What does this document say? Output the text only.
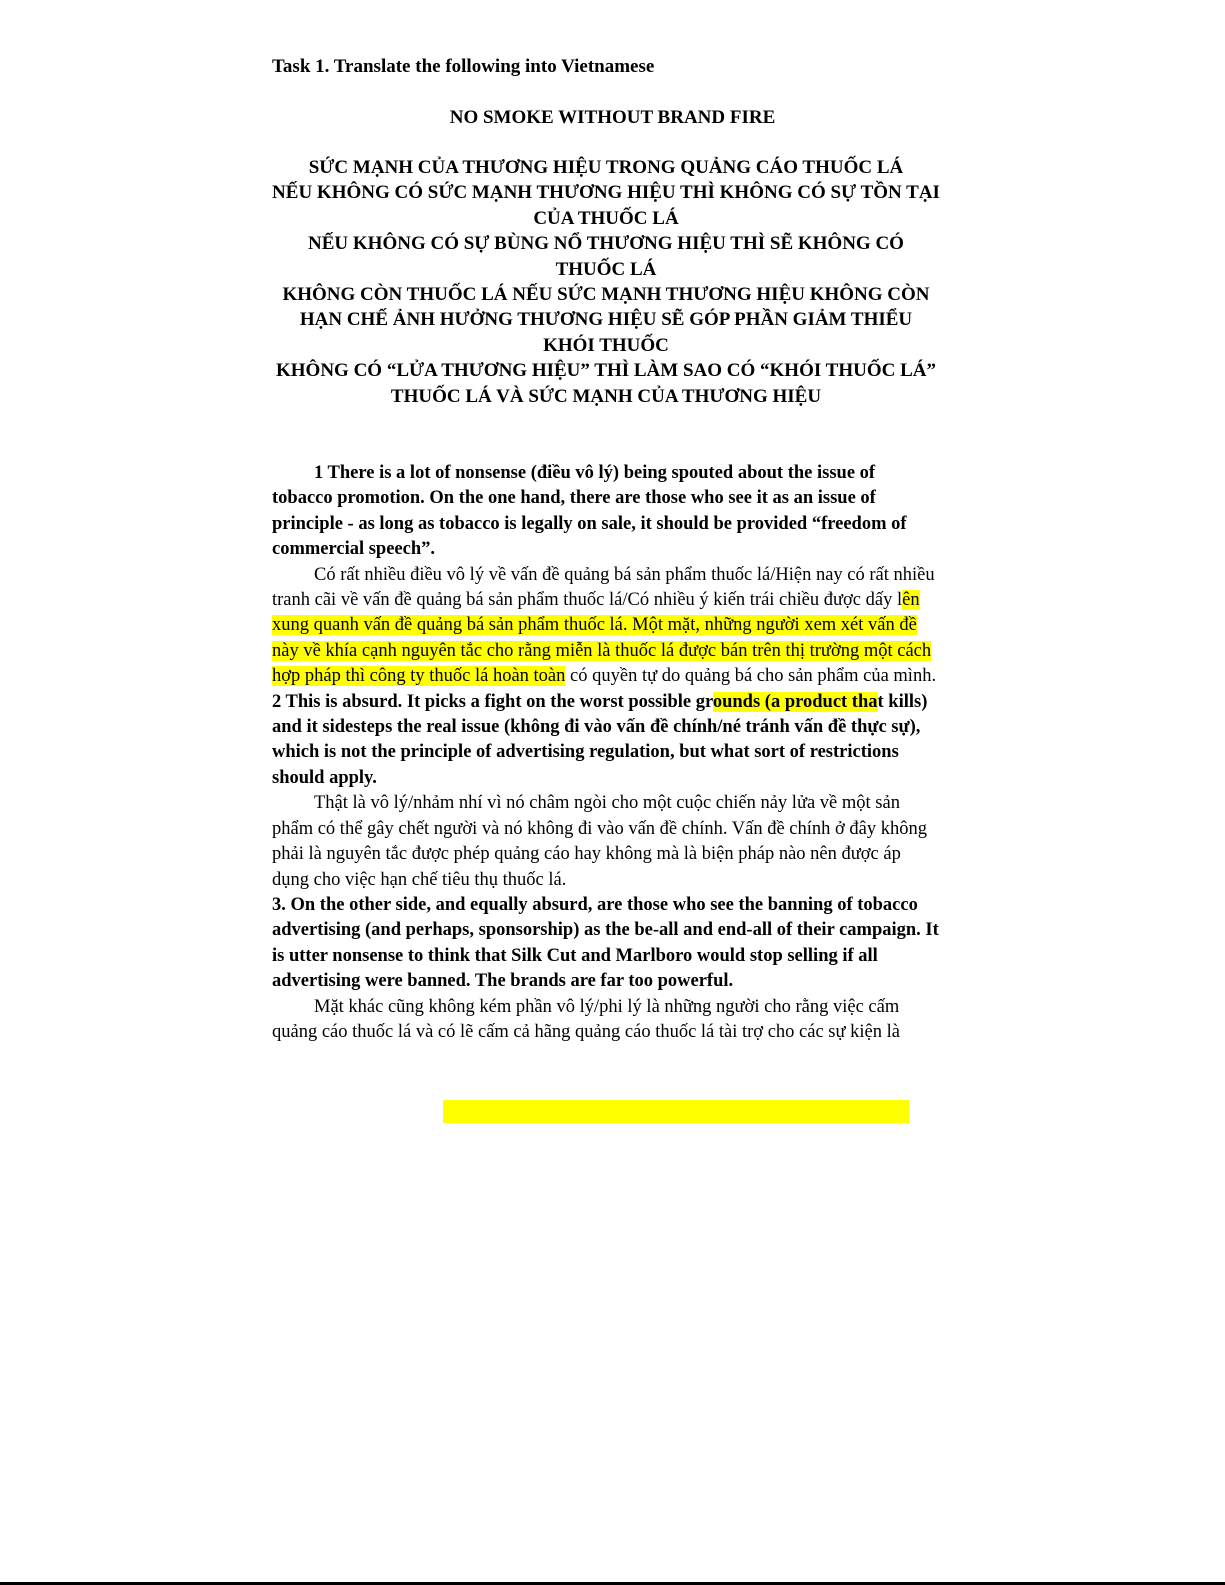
Task 1. Translate the following into Vietnamese
NO SMOKE WITHOUT BRAND FIRE
SỨC MẠNH CỦA THƯƠNG HIỆU TRONG QUẢNG CÁO THUỐC LÁ
NẾU KHÔNG CÓ SỨC MẠNH THƯƠNG HIỆU THÌ KHÔNG CÓ SỰ TỒN TẠI CỦA THUỐC LÁ
NẾU KHÔNG CÓ SỰ BÙNG NỔ THƯƠNG HIỆU THÌ SẼ KHÔNG CÓ THUỐC LÁ
KHÔNG CÒN THUỐC LÁ NẾU SỨC MẠNH THƯƠNG HIỆU KHÔNG CÒN
HẠN CHẾ ẢNH HƯỞNG THƯƠNG HIỆU SẼ GÓP PHẦN GIẢM THIỂU KHÓI THUỐC
KHÔNG CÓ “LỬA THƯƠNG HIỆU” THÌ LÀM SAO CÓ “KHÓI THUỐC LÁ”
THUỐC LÁ VÀ SỨC MẠNH CỦA THƯƠNG HIỆU

1 There is a lot of nonsense (điều vô lý) being spouted about the issue of tobacco promotion. On the one hand, there are those who see it as an issue of principle - as long as tobacco is legally on sale, it should be provided “freedom of commercial speech”.

Có rất nhiều điều vô lý về vấn đề quảng bá sản phẩm thuốc lá/Hiện nay có rất nhiều tranh cãi về vấn đề quảng bá sản phẩm thuốc lá/Có nhiều ý kiến trái chiều được dấy lên xung quanh vấn đề quảng bá sản phẩm thuốc lá. Một mặt, những người xem xét vấn đề này về khía cạnh nguyên tắc cho rằng miễn là thuốc lá được bán trên thị trường một cách hợp pháp thì công ty thuốc lá hoàn toàn có quyền tự do quảng bá cho sản phẩm của mình.

2 This is absurd. It picks a fight on the worst possible grounds (a product that kills) and it sidesteps the real issue (không đi vào vấn đề chính/né tránh vấn đề thực sự), which is not the principle of advertising regulation, but what sort of restrictions should apply.

Thật là vô lý/nhảm nhí vì nó châm ngòi cho một cuộc chiến nảy lửa về một sản phẩm có thể gây chết người và nó không đi vào vấn đề chính. Vấn đề chính ở đây không phải là nguyên tắc được phép quảng cáo hay không mà là biện pháp nào nên được áp dụng cho việc hạn chế tiêu thụ thuốc lá.

3. On the other side, and equally absurd, are those who see the banning of tobacco advertising (and perhaps, sponsorship) as the be-all and end-all of their campaign. It is utter nonsense to think that Silk Cut and Marlboro would stop selling if all advertising were banned. The brands are far too powerful.

Mặt khác cũng không kém phần vô lý/phi lý là những người cho rằng việc cấm quảng cáo thuốc lá và có lẽ cấm cả hãng quảng cáo thuốc lá tài trợ cho các sự kiện là
